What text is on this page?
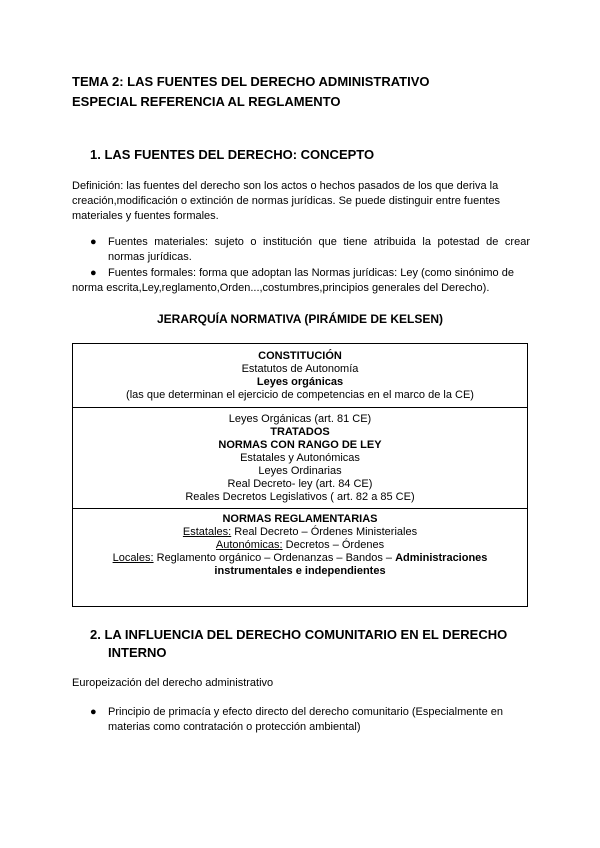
TEMA 2: LAS FUENTES DEL DERECHO ADMINISTRATIVO
ESPECIAL REFERENCIA AL REGLAMENTO
1. LAS FUENTES DEL DERECHO: CONCEPTO
Definición: las fuentes del derecho son los actos o hechos pasados de los que deriva la creación,modificación o extinción de normas jurídicas. Se puede distinguir entre fuentes materiales y fuentes formales.
● Fuentes materiales: sujeto o institución que tiene atribuida la potestad de crear normas jurídicas.
● Fuentes formales: forma que adoptan las Normas jurídicas: Ley (como sinónimo de norma escrita,Ley,reglamento,Orden...,costumbres,principios generales del Derecho).
JERARQUÍA NORMATIVA (PIRÁMIDE DE KELSEN)
CONSTITUCIÓN
Estatutos de Autonomía
Leyes orgánicas
(las que determinan el ejercicio de competencias en el marco de la CE)
Leyes Orgánicas (art. 81 CE)
TRATADOS
NORMAS CON RANGO DE LEY
Estatales y Autonómicas
Leyes Ordinarias
Real Decreto- ley (art. 84 CE)
Reales Decretos Legislativos ( art. 82 a 85 CE)
NORMAS REGLAMENTARIAS
Estatales: Real Decreto – Órdenes Ministeriales
Autonómicas: Decretos – Órdenes
Locales: Reglamento orgánico – Ordenanzas – Bandos – Administraciones
instrumentales e independientes
2. LA INFLUENCIA DEL DERECHO COMUNITARIO EN EL DERECHO
INTERNO
Europeización del derecho administrativo
● Principio de primacía y efecto directo del derecho comunitario (Especialmente en materias como contratación o protección ambiental)
